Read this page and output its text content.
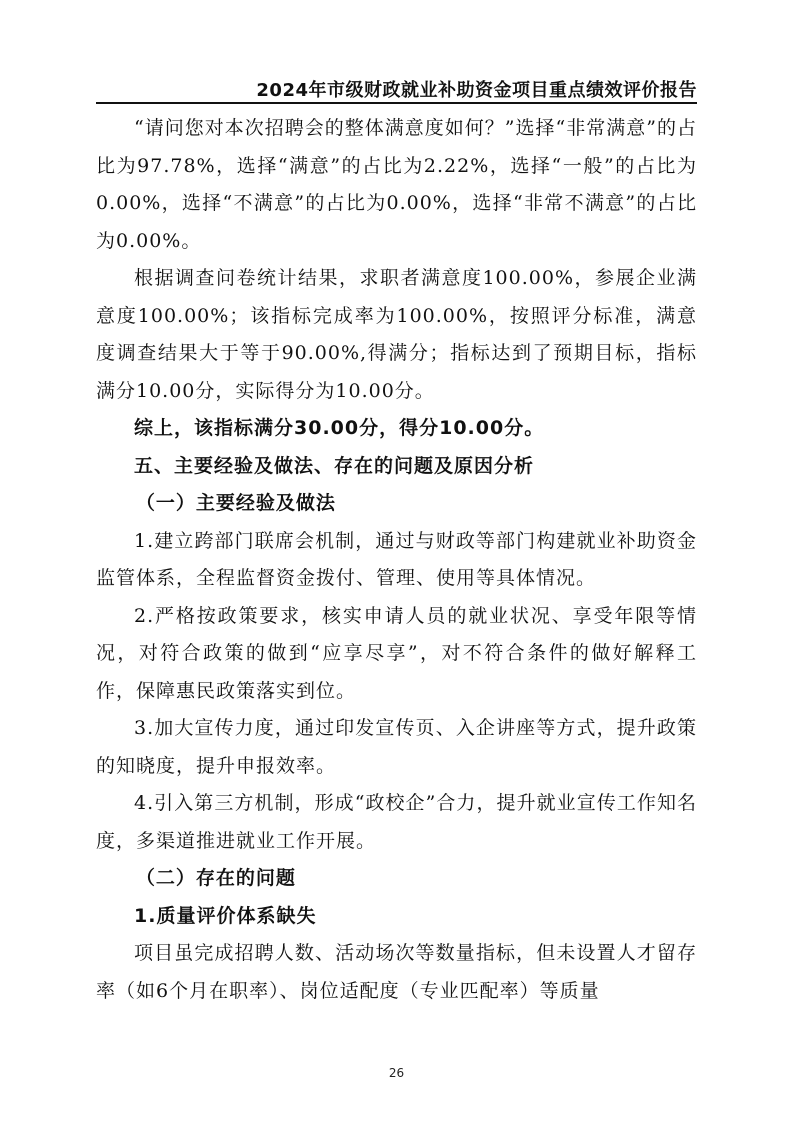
2024年市级财政就业补助资金项目重点绩效评价报告

“请问您对本次招聘会的整体满意度如何？”选择“非常满意”的占比为97.78%，选择“满意”的占比为2.22%，选择“一般”的占比为0.00%，选择“不满意”的占比为0.00%，选择“非常不满意”的占比为0.00%。

根据调查问卷统计结果，求职者满意度100.00%，参展企业满意度100.00%；该指标完成率为100.00%，按照评分标准，满意度调查结果大于等于90.00%,得满分；指标达到了预期目标，指标满分10.00分，实际得分为10.00分。

综上，该指标满分30.00分，得分10.00分。

五、主要经验及做法、存在的问题及原因分析

（一）主要经验及做法

1.建立跨部门联席会机制，通过与财政等部门构建就业补助资金监管体系，全程监督资金拨付、管理、使用等具体情况。

2.严格按政策要求，核实申请人员的就业状况、享受年限等情况，对符合政策的做到“应享尽享”，对不符合条件的做好解释工作，保障惠民政策落实到位。

3.加大宣传力度，通过印发宣传页、入企讲座等方式，提升政策的知晓度，提升申报效率。

4.引入第三方机制，形成“政校企”合力，提升就业宣传工作知名度，多渠道推进就业工作开展。

（二）存在的问题

1.质量评价体系缺失

项目虽完成招聘人数、活动场次等数量指标，但未设置人才留存率（如6个月在职率）、岗位适配度（专业匹配率）等质量

26
